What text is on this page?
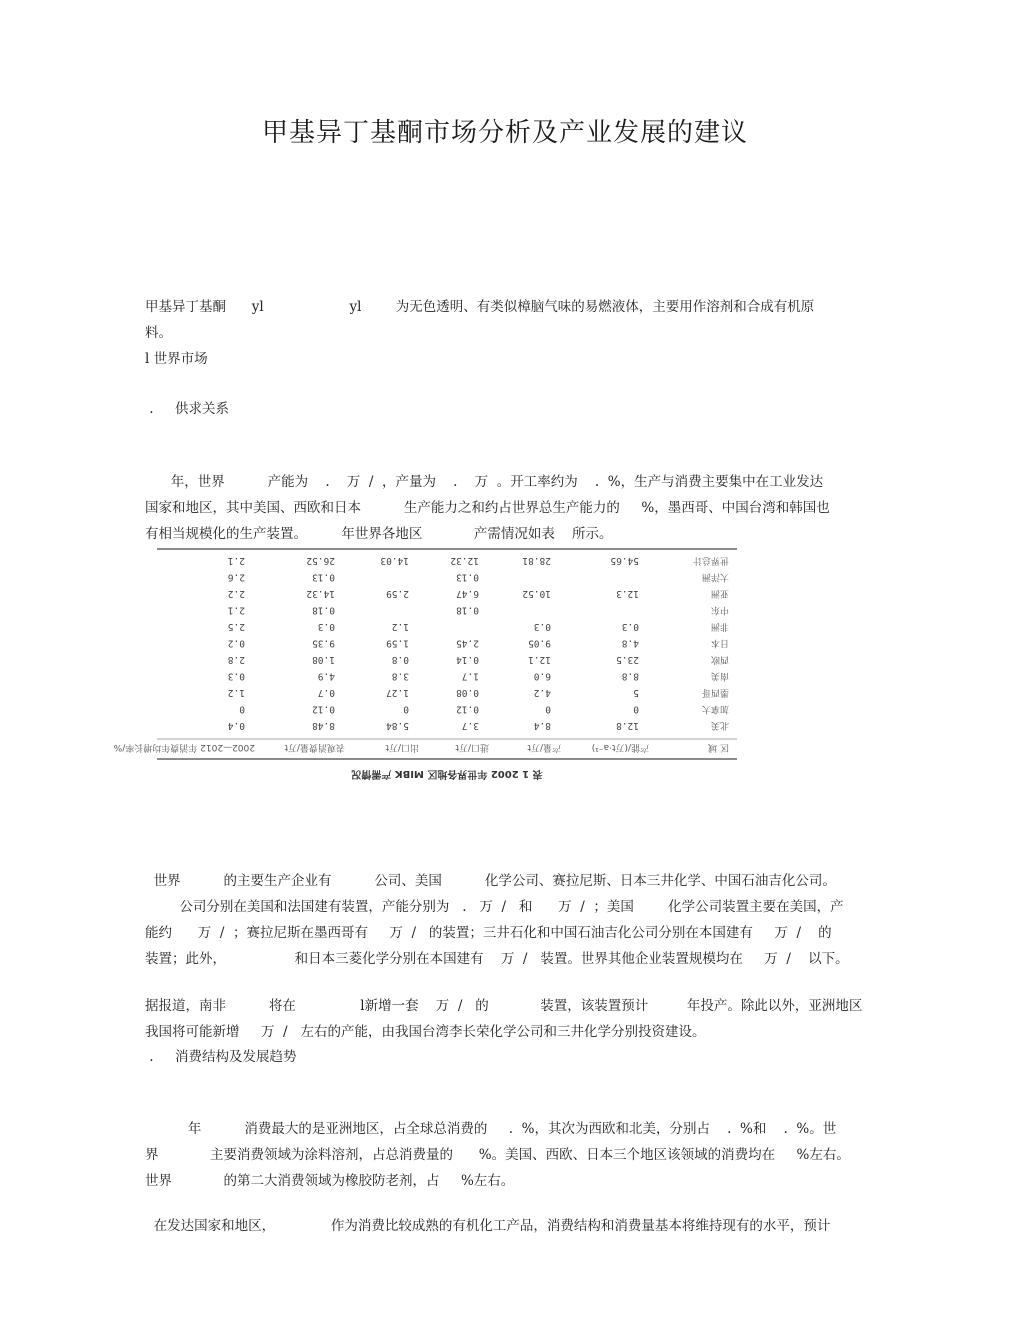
甲基异丁基酮市场分析及产业发展的建议

甲基异丁基酮      yl                    yl        为无色透明、有类似樟脑气味的易燃液体，主要用作溶剂和合成有机原
料。

l 世界市场

.     供求关系

年，世界          产能为    .    万  /  ，产量为    .    万  。开工率约为    .  %，生产与消费主要集中在工业发达
国家和地区，其中美国、西欧和日本          生产能力之和约占世界总生产能力的     %，墨西哥、中国台湾和韩国也
有相当规模化的生产装置。        年世界各地区            产需情况如表    所示。

表 1 2002 年世界各地区 MIBK 产需情况
区 域
产能/(万t·a⁻¹)
产量/万t
进口/万t
出口/万t
表观消费量/万t
2002—2012 年消费年均增长率/%
北美
12.8
8.4
3.7
5.84
8.48
0.4
加拿大
0
0
0.12
0
0.12
0
墨西哥
5
4.2
0.08
1.27
0.7
1.2
南美
8.8
6.0
1.7
3.8
4.9
0.3
西欧
23.5
12.1
0.14
0.8
1.08
2.8
日本
4.8
9.05
2.45
1.59
9.35
0.2
非洲
0.3
0.3
1.2
0.3
2.5
中东
0.18
0.18
2.1
亚洲
12.3
10.52
6.47
2.59
14.32
2.2
大洋洲
0.13
0.13
2.6
世界总计
54.65
28.81
12.32
14.03
26.52
2.1

世界          的主要生产企业有          公司、美国          化学公司、赛拉尼斯、日本三井化学、中国石油吉化公司。
公司分别在美国和法国建有装置，产能分别为   .   万  /   和      万  /  ；美国        化学公司装置主要在美国，产
能约      万  /  ；赛拉尼斯在墨西哥有     万  /   的装置；三井石化和中国石油吉化公司分别在本国建有     万  /    的
装置；此外，                和日本三菱化学分别在本国建有    万  /   装置。世界其他企业装置规模均在     万  /    以下。

据报道，南非          将在               l新增一套    万  /   的            装置，该装置预计         年投产。除此以外，亚洲地区
我国将可能新增     万  /   左右的产能，由我国台湾李长荣化学公司和三井化学分别投资建设。

.     消费结构及发展趋势

年          消费最大的是亚洲地区，占全球总消费的     .  %，其次为西欧和北美，分别占    .  %和    .  %。世
界            主要消费领域为涂料溶剂，占总消费量的      %。美国、西欧、日本三个地区该领域的消费均在     %左右。
世界            的第二大消费领域为橡胶防老剂，占     %左右。

在发达国家和地区，             作为消费比较成熟的有机化工产品，消费结构和消费量基本将维持现有的水平，预计
